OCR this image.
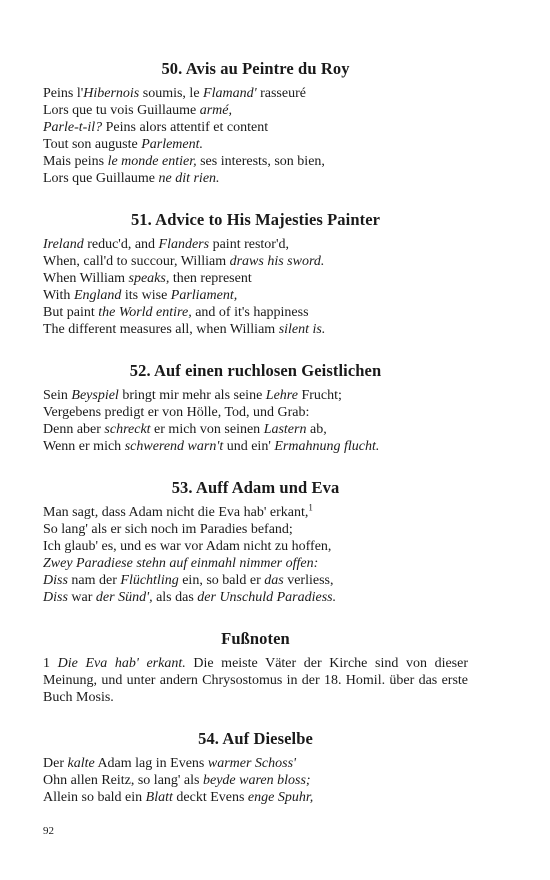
50. Avis au Peintre du Roy
Peins l'Hibernois soumis, le Flamand' rasseuré
Lors que tu vois Guillaume armé,
Parle-t-il? Peins alors attentif et content
Tout son auguste Parlement.
Mais peins le monde entier, ses interests, son bien,
Lors que Guillaume ne dit rien.
51. Advice to His Majesties Painter
Ireland reduc'd, and Flanders paint restor'd,
When, call'd to succour, William draws his sword.
When William speaks, then represent
With England its wise Parliament,
But paint the World entire, and of it's happiness
The different measures all, when William silent is.
52. Auf einen ruchlosen Geistlichen
Sein Beyspiel bringt mir mehr als seine Lehre Frucht;
Vergebens predigt er von Hölle, Tod, und Grab:
Denn aber schreckt er mich von seinen Lastern ab,
Wenn er mich schwerend warn't und ein' Ermahnung flucht.
53. Auff Adam und Eva
Man sagt, dass Adam nicht die Eva hab' erkant,$^1$
So lang' als er sich noch im Paradies befand;
Ich glaub' es, und es war vor Adam nicht zu hoffen,
Zwey Paradiese stehn auf einmahl nimmer offen:
Diss nam der Flüchtling ein, so bald er das verliess,
Diss war der Sünd', als das der Unschuld Paradiess.
Fußnoten

1 Die Eva hab' erkant. Die meiste Väter der Kirche sind von dieser Meinung, und unter andern Chrysostomus in der 18. Homil. über das erste Buch Mosis.

54. Auf Dieselbe
Der kalte Adam lag in Evens warmer Schoss'
Ohn allen Reitz, so lang' als beyde waren bloss;
Allein so bald ein Blatt deckt Evens enge Spuhr,
92
